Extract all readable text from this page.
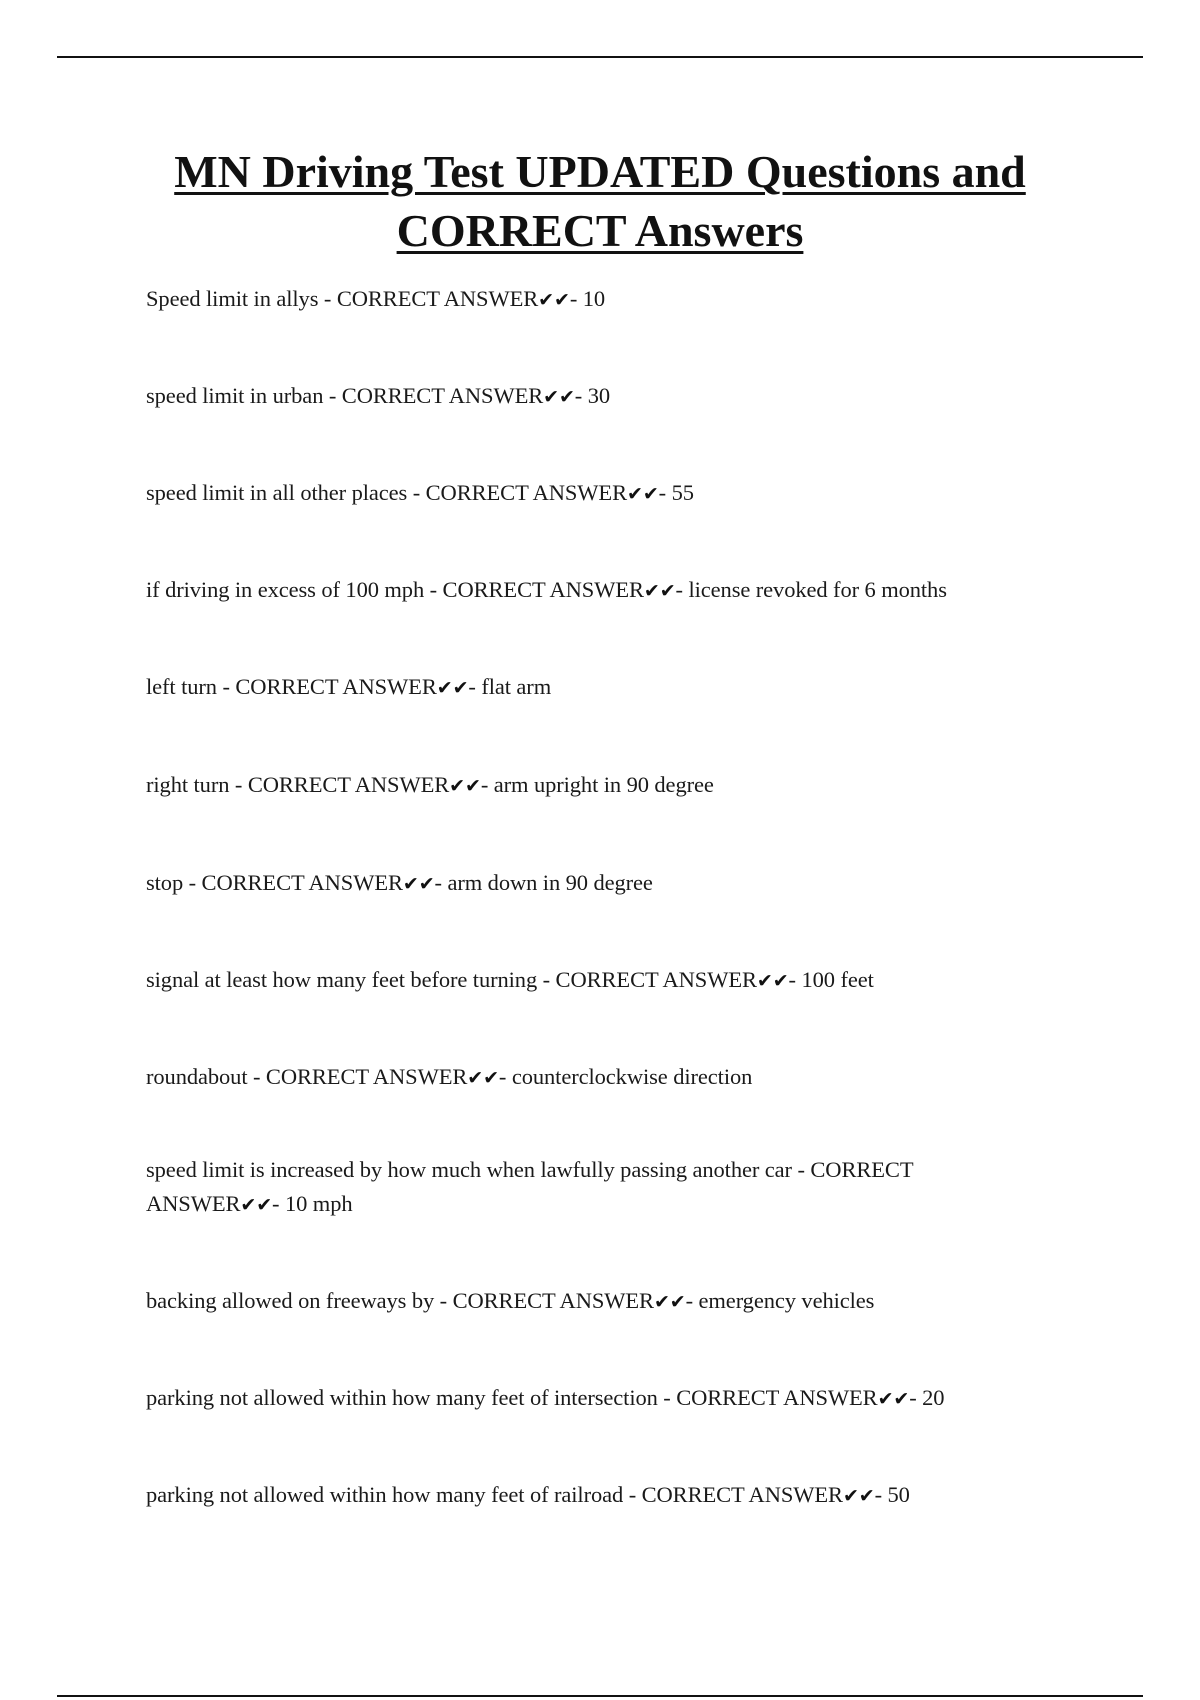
MN Driving Test UPDATED Questions and
CORRECT Answers

Speed limit in allys - CORRECT ANSWER✔✔- 10

speed limit in urban - CORRECT ANSWER✔✔- 30

speed limit in all other places - CORRECT ANSWER✔✔- 55

if driving in excess of 100 mph - CORRECT ANSWER✔✔- license revoked for 6 months

left turn - CORRECT ANSWER✔✔- flat arm

right turn - CORRECT ANSWER✔✔- arm upright in 90 degree

stop - CORRECT ANSWER✔✔- arm down in 90 degree

signal at least how many feet before turning - CORRECT ANSWER✔✔- 100 feet

roundabout - CORRECT ANSWER✔✔- counterclockwise direction

speed limit is increased by how much when lawfully passing another car - CORRECT ANSWER✔✔- 10 mph

backing allowed on freeways by - CORRECT ANSWER✔✔- emergency vehicles

parking not allowed within how many feet of intersection - CORRECT ANSWER✔✔- 20

parking not allowed within how many feet of railroad - CORRECT ANSWER✔✔- 50
